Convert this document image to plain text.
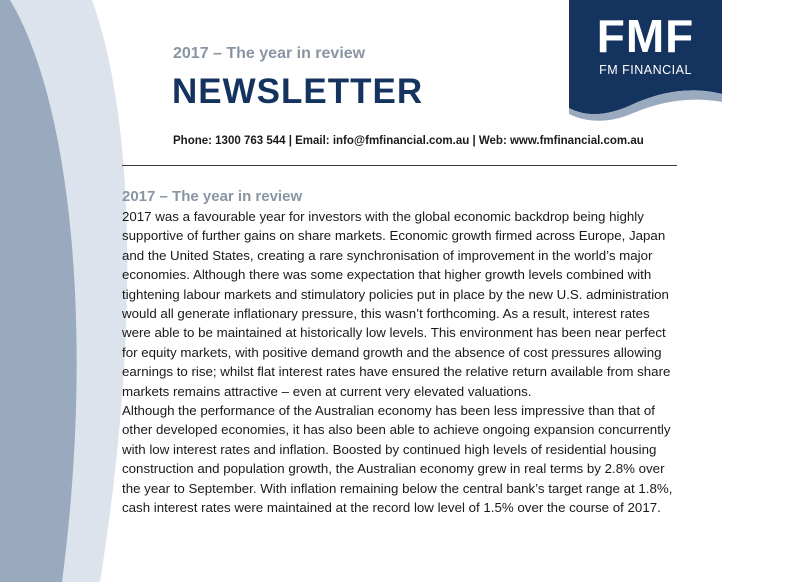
FMF
FM FINANCIAL
2017 – The year in review
NEWSLETTER
Phone: 1300 763 544 | Email: info@fmfinancial.com.au | Web: www.fmfinancial.com.au
2017 – The year in review

2017 was a favourable year for investors with the global economic backdrop being highly supportive of further gains on share markets. Economic growth firmed across Europe, Japan and the United States, creating a rare synchronisation of improvement in the world’s major economies. Although there was some expectation that higher growth levels combined with tightening labour markets and stimulatory policies put in place by the new U.S. administration would all generate inflationary pressure, this wasn’t forthcoming. As a result, interest rates were able to be maintained at historically low levels. This environment has been near perfect for equity markets, with positive demand growth and the absence of cost pressures allowing earnings to rise; whilst flat interest rates have ensured the relative return available from share markets remains attractive – even at current very elevated valuations.

Although the performance of the Australian economy has been less impressive than that of other developed economies, it has also been able to achieve ongoing expansion concurrently with low interest rates and inflation. Boosted by continued high levels of residential housing construction and population growth, the Australian economy grew in real terms by 2.8% over the year to September. With inflation remaining below the central bank’s target range at 1.8%, cash interest rates were maintained at the record low level of 1.5% over the course of 2017.
